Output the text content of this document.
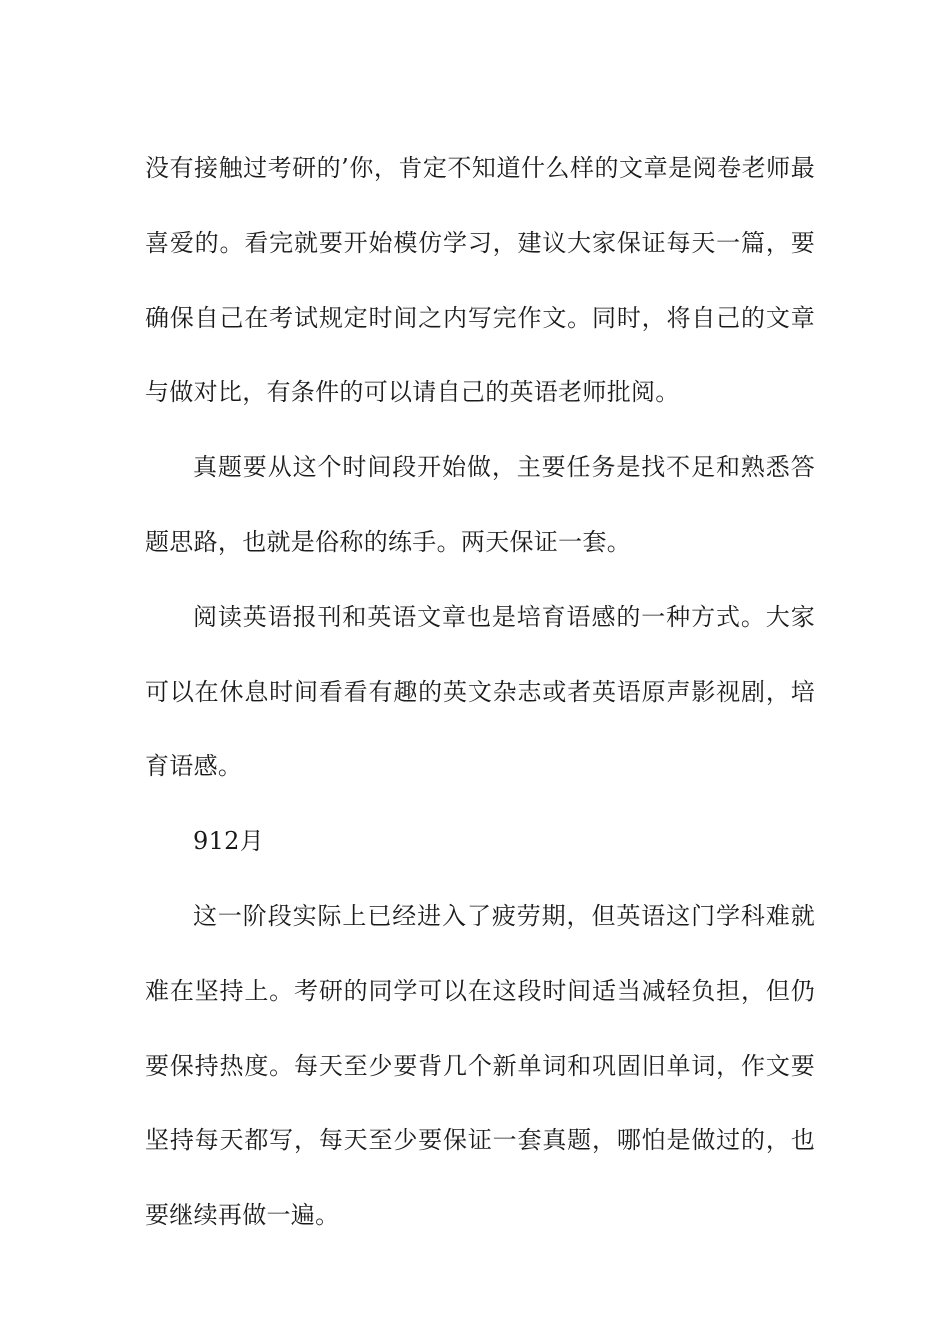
没有接触过考研的’你，肯定不知道什么样的文章是阅卷老师最
喜爱的。看完就要开始模仿学习，建议大家保证每天一篇，要
确保自己在考试规定时间之内写完作文。同时，将自己的文章
与做对比，有条件的可以请自己的英语老师批阅。
真题要从这个时间段开始做，主要任务是找不足和熟悉答
题思路，也就是俗称的练手。两天保证一套。
阅读英语报刊和英语文章也是培育语感的一种方式。大家
可以在休息时间看看有趣的英文杂志或者英语原声影视剧，培
育语感。
912月
这一阶段实际上已经进入了疲劳期，但英语这门学科难就
难在坚持上。考研的同学可以在这段时间适当减轻负担，但仍
要保持热度。每天至少要背几个新单词和巩固旧单词，作文要
坚持每天都写，每天至少要保证一套真题，哪怕是做过的，也
要继续再做一遍。
